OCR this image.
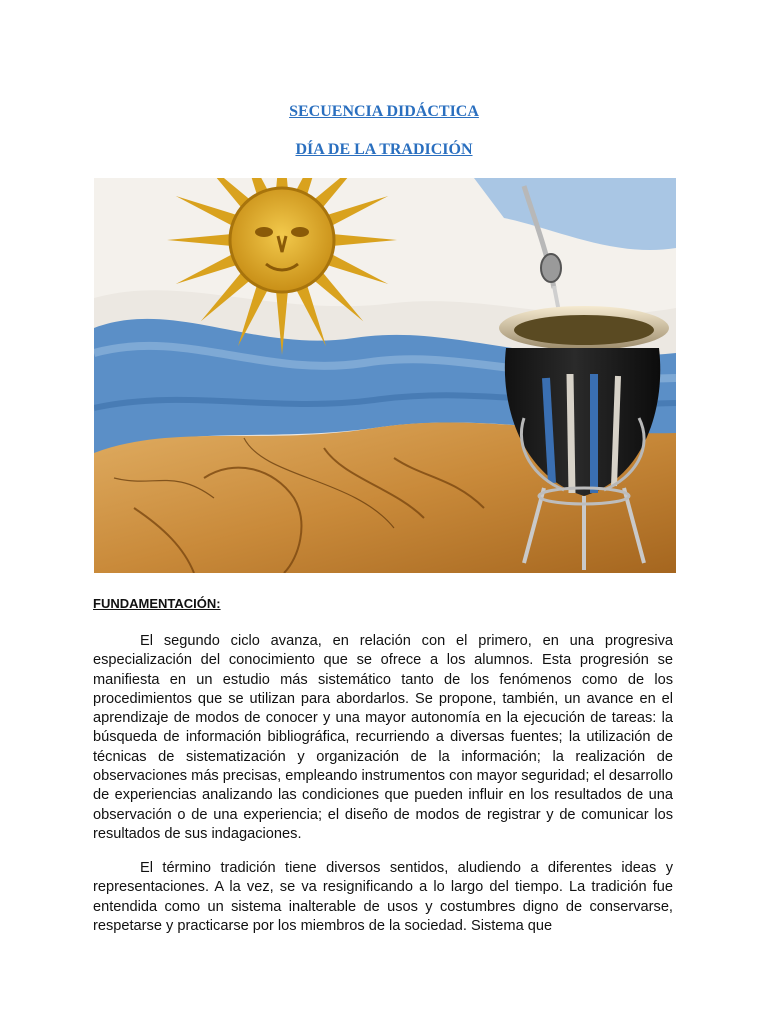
SECUENCIA DIDÁCTICA
DÍA DE LA TRADICIÓN
FUNDAMENTACIÓN:

El segundo ciclo avanza, en relación con el primero, en una progresiva especialización del conocimiento que se ofrece a los alumnos. Esta progresión se manifiesta en un estudio más sistemático tanto de los fenómenos como de los procedimientos que se utilizan para abordarlos. Se propone, también, un avance en el aprendizaje de modos de conocer y una mayor autonomía en la ejecución de tareas: la búsqueda de información bibliográfica, recurriendo a diversas fuentes; la utilización de técnicas de sistematización y organización de la información; la realización de observaciones más precisas, empleando instrumentos con mayor seguridad; el desarrollo de experiencias analizando las condiciones que pueden influir en los resultados de una observación o de una experiencia; el diseño de modos de registrar y de comunicar los resultados de sus indagaciones.

El término tradición tiene diversos sentidos, aludiendo a diferentes ideas y representaciones. A la vez, se va resignificando a lo largo del tiempo. La tradición fue entendida como un sistema inalterable de usos y costumbres digno de conservarse, respetarse y practicarse por los miembros de la sociedad. Sistema que
